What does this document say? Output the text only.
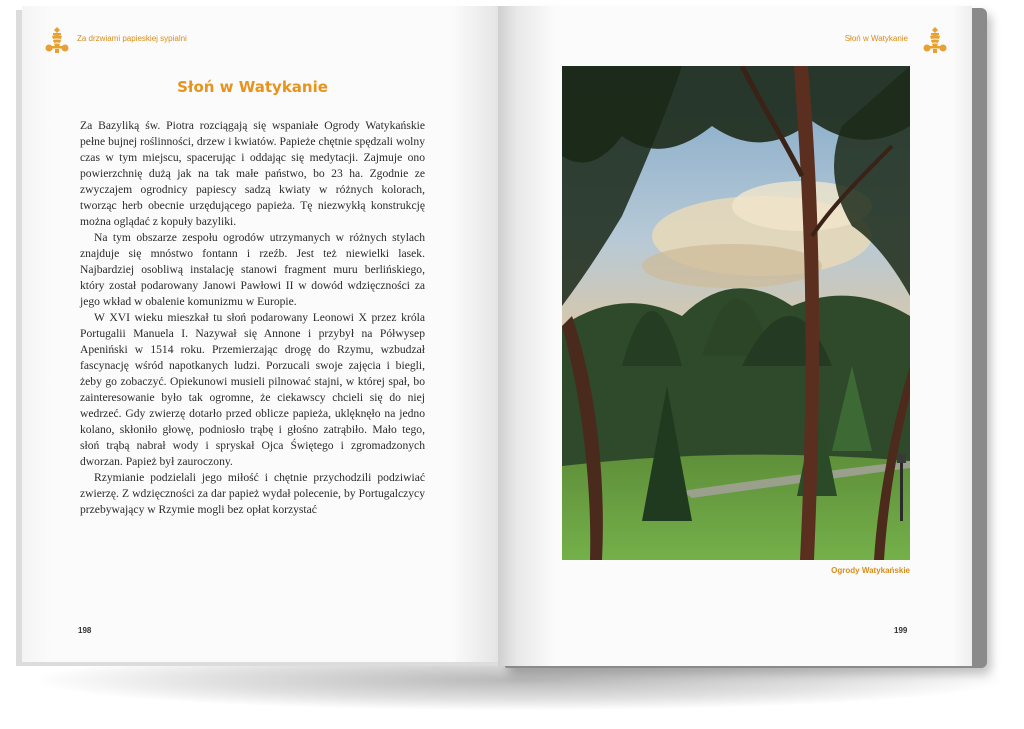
Za drzwiami papieskiej sypialni
Słoń w Watykanie

Za Bazyliką św. Piotra rozciągają się wspaniałe Ogrody Watykańskie pełne bujnej roślinności, drzew i kwiatów. Papieże chętnie spędzali wolny czas w tym miejscu, spacerując i oddając się medytacji. Zajmuje ono powierzchnię dużą jak na tak małe państwo, bo 23 ha. Zgodnie ze zwyczajem ogrodnicy papiescy sadzą kwiaty w różnych kolorach, tworząc herb obecnie urzędującego papieża. Tę niezwykłą konstrukcję można oglądać z kopuły bazyliki.

Na tym obszarze zespołu ogrodów utrzymanych w różnych stylach znajduje się mnóstwo fontann i rzeźb. Jest też niewielki lasek. Najbardziej osobliwą instalację stanowi fragment muru berlińskiego, który został podarowany Janowi Pawłowi II w dowód wdzięczności za jego wkład w obalenie komunizmu w Europie.

W XVI wieku mieszkał tu słoń podarowany Leonowi X przez króla Portugalii Manuela I. Nazywał się Annone i przybył na Półwysep Apeniński w 1514 roku. Przemierzając drogę do Rzymu, wzbudzał fascynację wśród napotkanych ludzi. Porzucali swoje zajęcia i biegli, żeby go zobaczyć. Opiekunowi musieli pilnować stajni, w której spał, bo zainteresowanie było tak ogromne, że ciekawscy chcieli się do niej wedrzeć. Gdy zwierzę dotarło przed oblicze papieża, uklęknęło na jedno kolano, skłoniło głowę, podniosło trąbę i głośno zatrąbiło. Mało tego, słoń trąbą nabrał wody i spryskał Ojca Świętego i zgromadzonych dworzan. Papież był zauroczony.

Rzymianie podzielali jego miłość i chętnie przychodzili podziwiać zwierzę. Z wdzięczności za dar papież wydał polecenie, by Portugalczycy przebywający w Rzymie mogli bez opłat korzystać

198
Słoń w Watykanie
Ogrody Watykańskie
199
